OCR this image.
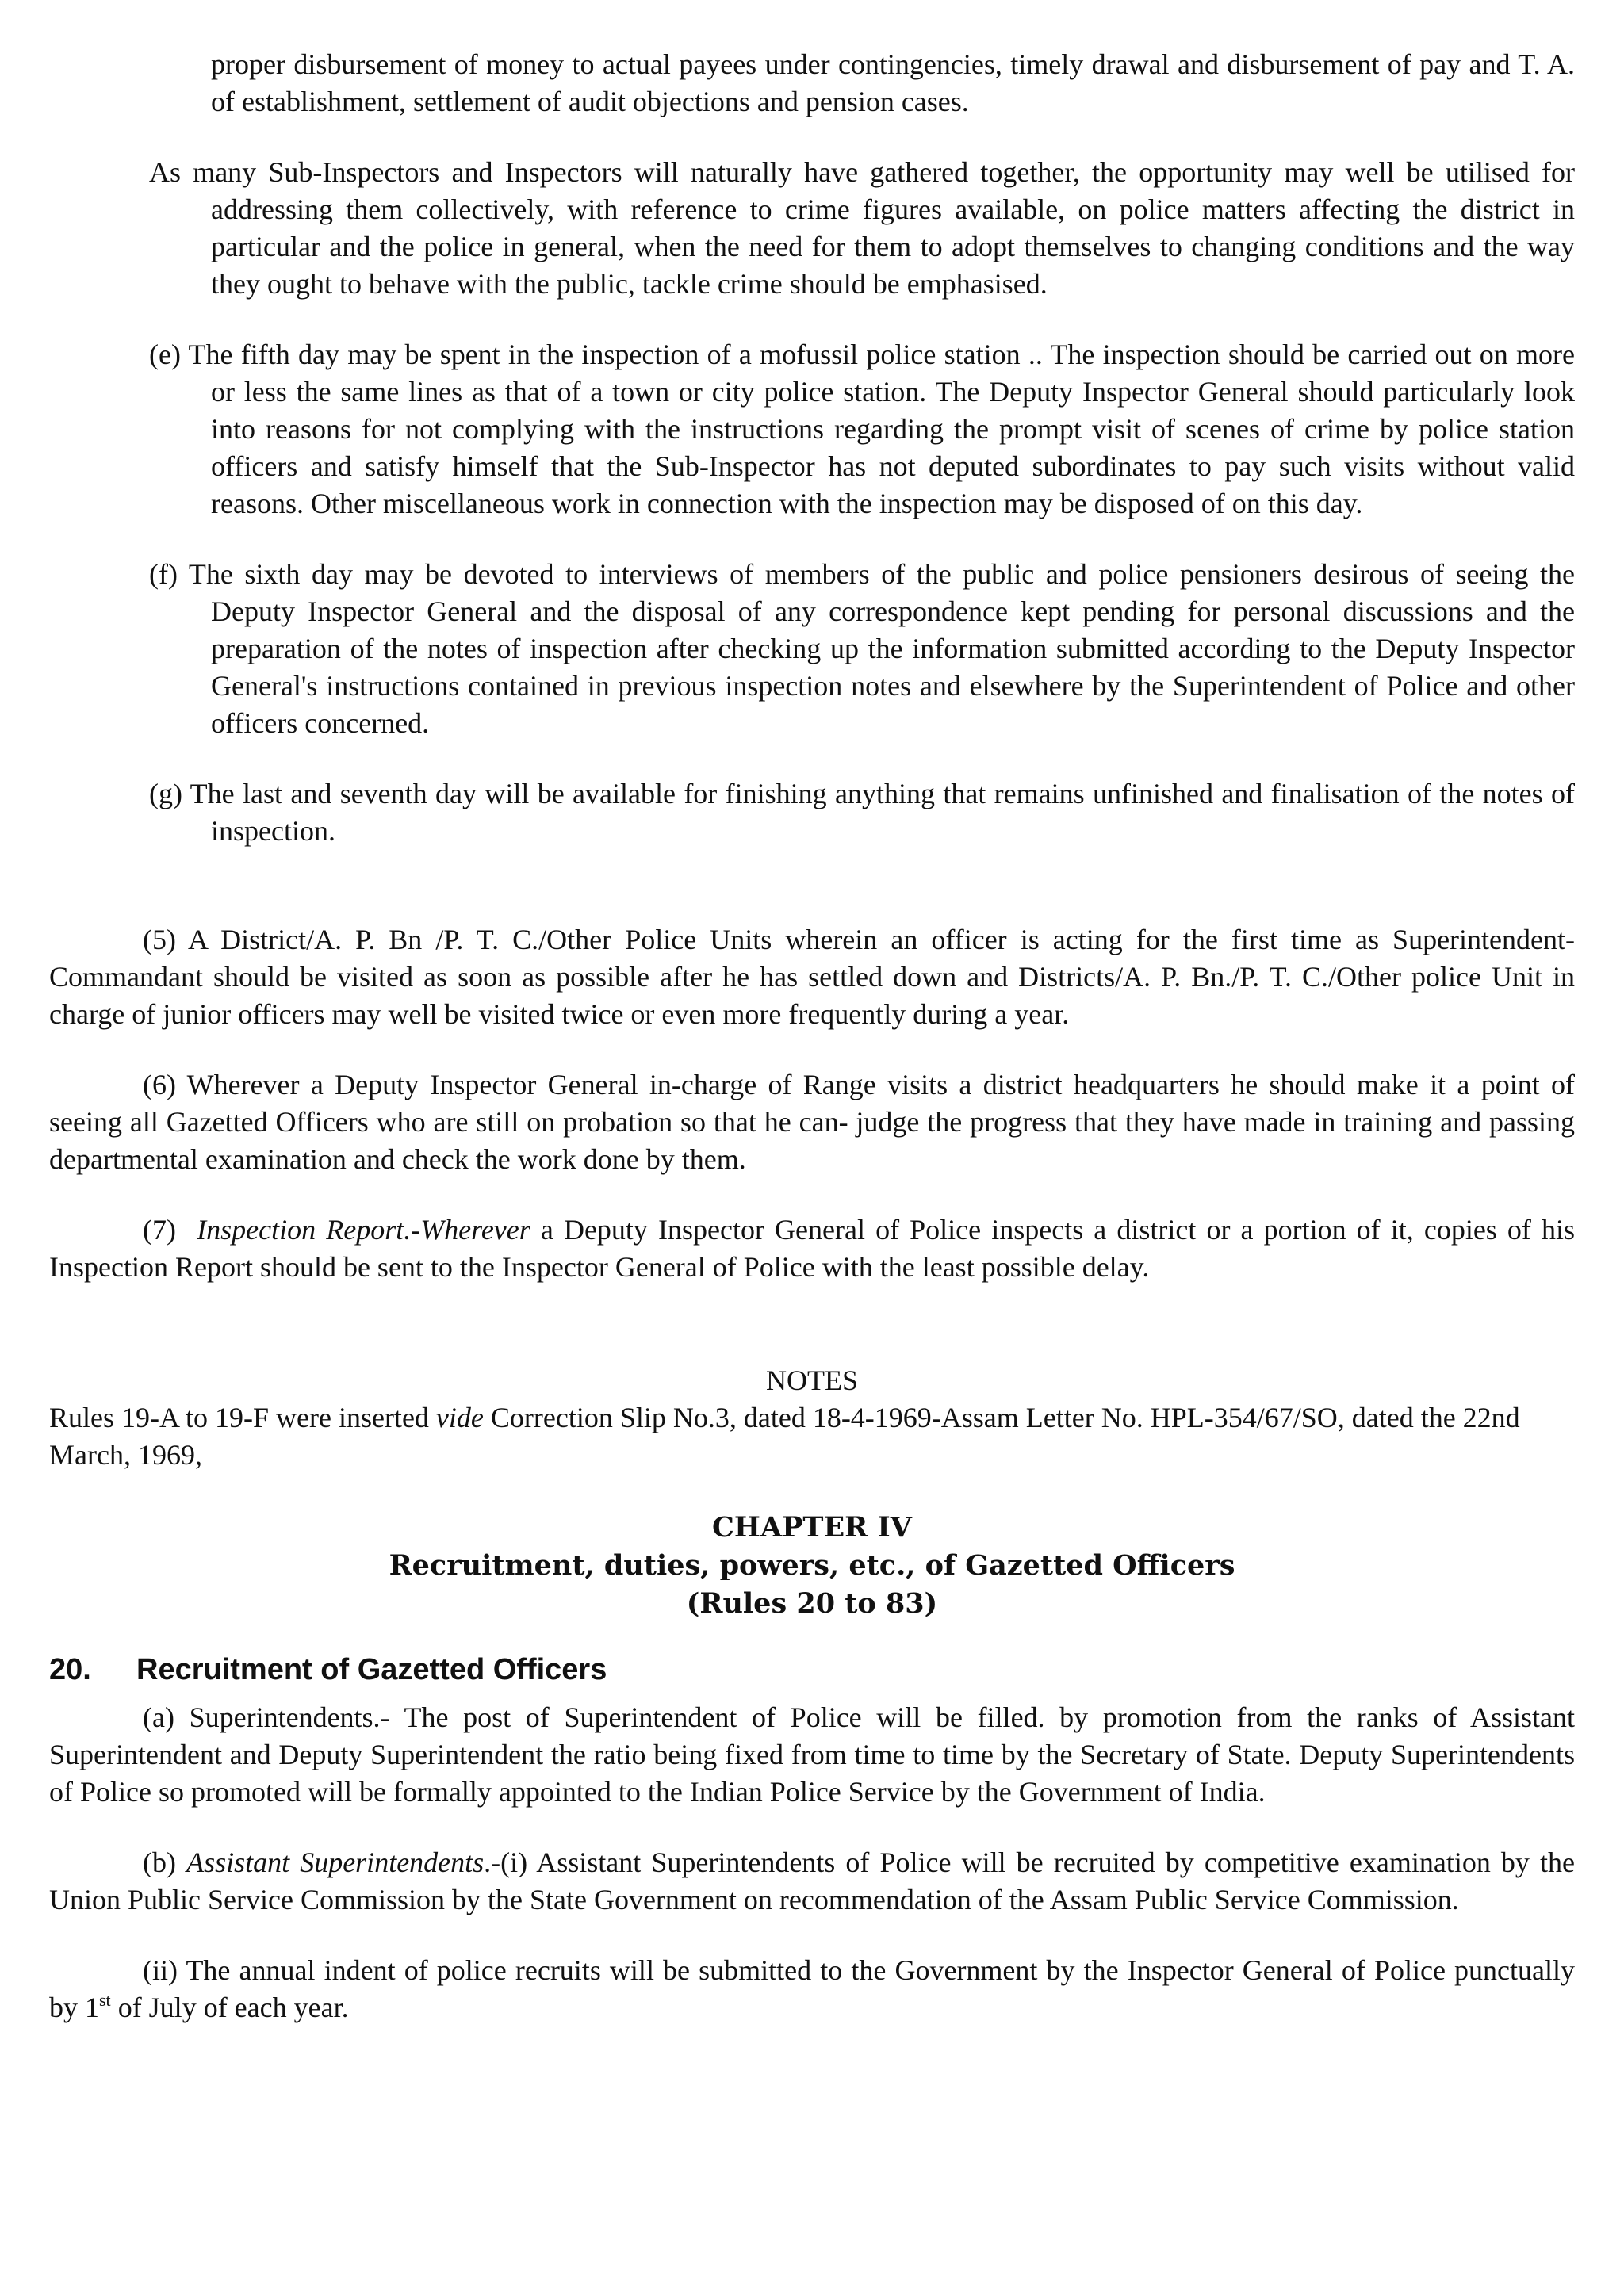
proper disbursement of money to actual payees under contingencies, timely drawal and disbursement of pay and T. A. of establishment, settlement of audit objections and pension cases.

As many Sub-Inspectors and Inspectors will naturally have gathered together, the opportunity may well be utilised for addressing them collectively, with reference to crime figures available, on police matters affecting the district in particular and the police in general, when the need for them to adopt themselves to changing conditions and the way they ought to behave with the public, tackle crime should be emphasised.

(e) The fifth day may be spent in the inspection of a mofussil police station .. The inspection should be carried out on more or less the same lines as that of a town or city police station. The Deputy Inspector General should particularly look into reasons for not complying with the instructions regarding the prompt visit of scenes of crime by police station officers and satisfy himself that the Sub-Inspector has not deputed subordinates to pay such visits without valid reasons. Other miscellaneous work in connection with the inspection may be disposed of on this day.

(f) The sixth day may be devoted to interviews of members of the public and police pensioners desirous of seeing the Deputy Inspector General and the disposal of any correspondence kept pending for personal discussions and the preparation of the notes of inspection after checking up the information submitted according to the Deputy Inspector General's instructions contained in previous inspection notes and elsewhere by the Superintendent of Police and other officers concerned.

(g) The last and seventh day will be available for finishing anything that remains unfinished and finalisation of the notes of inspection.

(5) A District/A. P. Bn /P. T. C./Other Police Units wherein an officer is acting for the first time as Superintendent-Commandant should be visited as soon as possible after he has settled down and Districts/A. P. Bn./P. T. C./Other police Unit in charge of junior officers may well be visited twice or even more frequently during a year.

(6) Wherever a Deputy Inspector General in-charge of Range visits a district headquarters he should make it a point of seeing all Gazetted Officers who are still on probation so that he can- judge the progress that they have made in training and passing departmental examination and check the work done by them.

(7) Inspection Report.-Wherever a Deputy Inspector General of Police inspects a district or a portion of it, copies of his Inspection Report should be sent to the Inspector General of Police with the least possible delay.

NOTES

Rules 19-A to 19-F were inserted vide Correction Slip No.3, dated 18-4-1969-Assam Letter No. HPL-354/67/SO, dated the 22nd March, 1969,

CHAPTER IV
Recruitment, duties, powers, etc., of Gazetted Officers
(Rules 20 to 83)
20. Recruitment of Gazetted Officers

(a) Superintendents.- The post of Superintendent of Police will be filled. by promotion from the ranks of Assistant Superintendent and Deputy Superintendent the ratio being fixed from time to time by the Secretary of State. Deputy Superintendents of Police so promoted will be formally appointed to the Indian Police Service by the Government of India.

(b) Assistant Superintendents.-(i) Assistant Superintendents of Police will be recruited by competitive examination by the Union Public Service Commission by the State Government on recommendation of the Assam Public Service Commission.

(ii) The annual indent of police recruits will be submitted to the Government by the Inspector General of Police punctually by 1st of July of each year.
